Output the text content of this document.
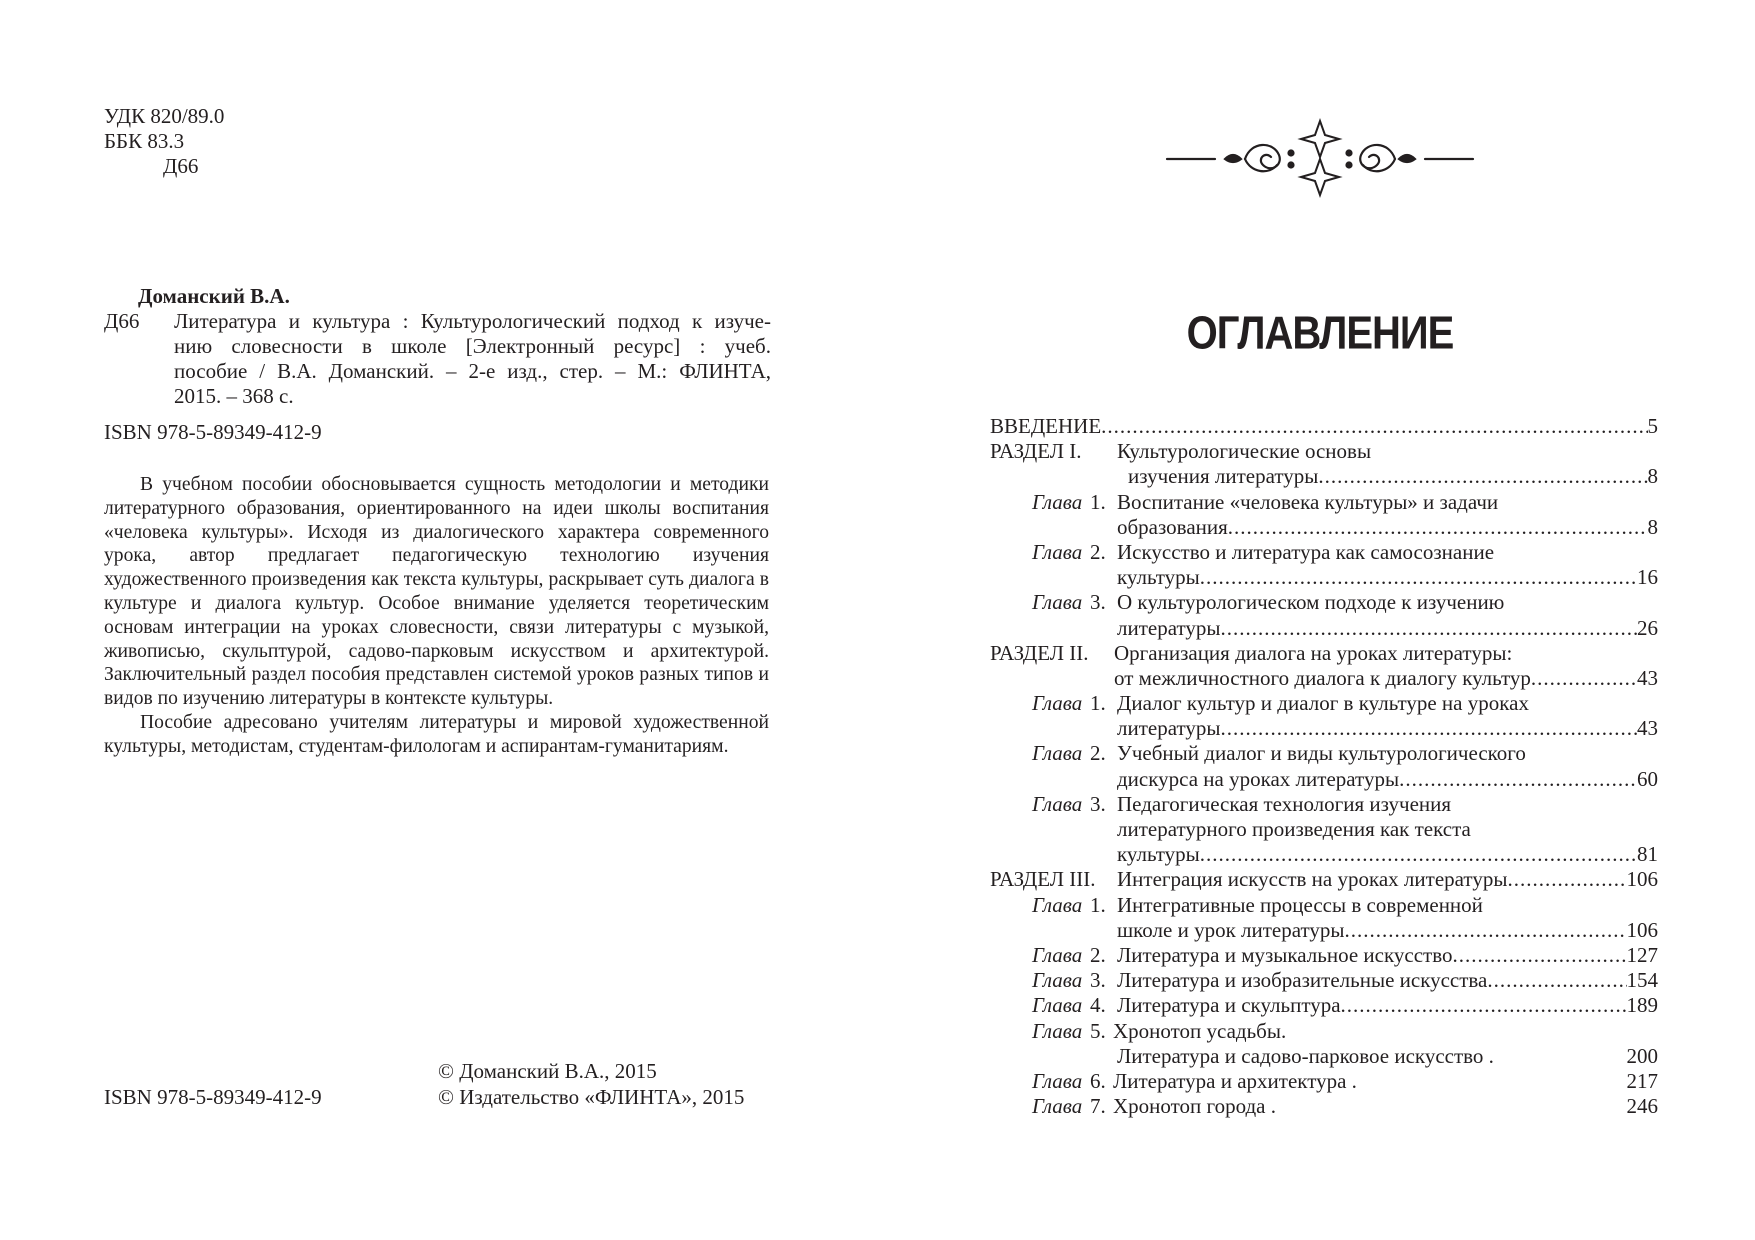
УДК 820/89.0
ББК 83.3
Д66
Доманский В.А.
Д66 Литература и культура : Культурологический подход к изуче-
нию словесности в школе [Электронный ресурс] : учеб.
пособие / В.А. Доманский. – 2-е изд., стер. – М.: ФЛИНТА,
2015. – 368 с.
ISBN 978-5-89349-412-9

В учебном пособии обосновывается сущность методологии и методики литературного образования, ориентированного на идеи школы воспитания «человека культуры». Исходя из диалогического характера современного урока, автор предлагает педагогическую технологию изучения художественного произведения как текста культуры, раскрывает суть диалога в культуре и диалога культур. Особое внимание уделяется теоретическим основам интеграции на уроках словесности, связи литературы с музыкой, живописью, скульптурой, садово-парковым искусством и архитектурой. Заключительный раздел пособия представлен системой уроков разных типов и видов по изучению литературы в контексте культуры.

Пособие адресовано учителям литературы и мировой художественной культуры, методистам, студентам-филологам и аспирантам-гуманитариям.

ISBN 978-5-89349-412-9
© Доманский В.А., 2015
© Издательство «ФЛИНТА», 2015
ОГЛАВЛЕНИЕ
ВВЕДЕНИЕ .....	5
РАЗДЕЛ I. Культурологические основы
изучения литературы .....	8
Глава 1. Воспитание «человека культуры» и задачи
образования .....	8
Глава 2. Искусство и литература как самосознание
культуры .....	16
Глава 3. О культурологическом подходе к изучению
литературы .....	26
РАЗДЕЛ II. Организация диалога на уроках литературы:
от межличностного диалога к диалогу культур .....	43
Глава 1. Диалог культур и диалог в культуре на уроках
литературы .....	43
Глава 2. Учебный диалог и виды культурологического
дискурса на уроках литературы .....	60
Глава 3. Педагогическая технология изучения
литературного произведения как текста
культуры .....	81
РАЗДЕЛ III. Интеграция искусств на уроках литературы .....	106
Глава 1. Интегративные процессы в современной
школе и урок литературы .....	106
Глава 2. Литература и музыкальное искусство .....	127
Глава 3. Литература и изобразительные искусства .....	154
Глава 4. Литература и скульптура .....	189
Глава 5. Хронотоп усадьбы.
Литература и садово-парковое искусство .	200
Глава 6. Литература и архитектура .	217
Глава 7. Хронотоп города .	246
